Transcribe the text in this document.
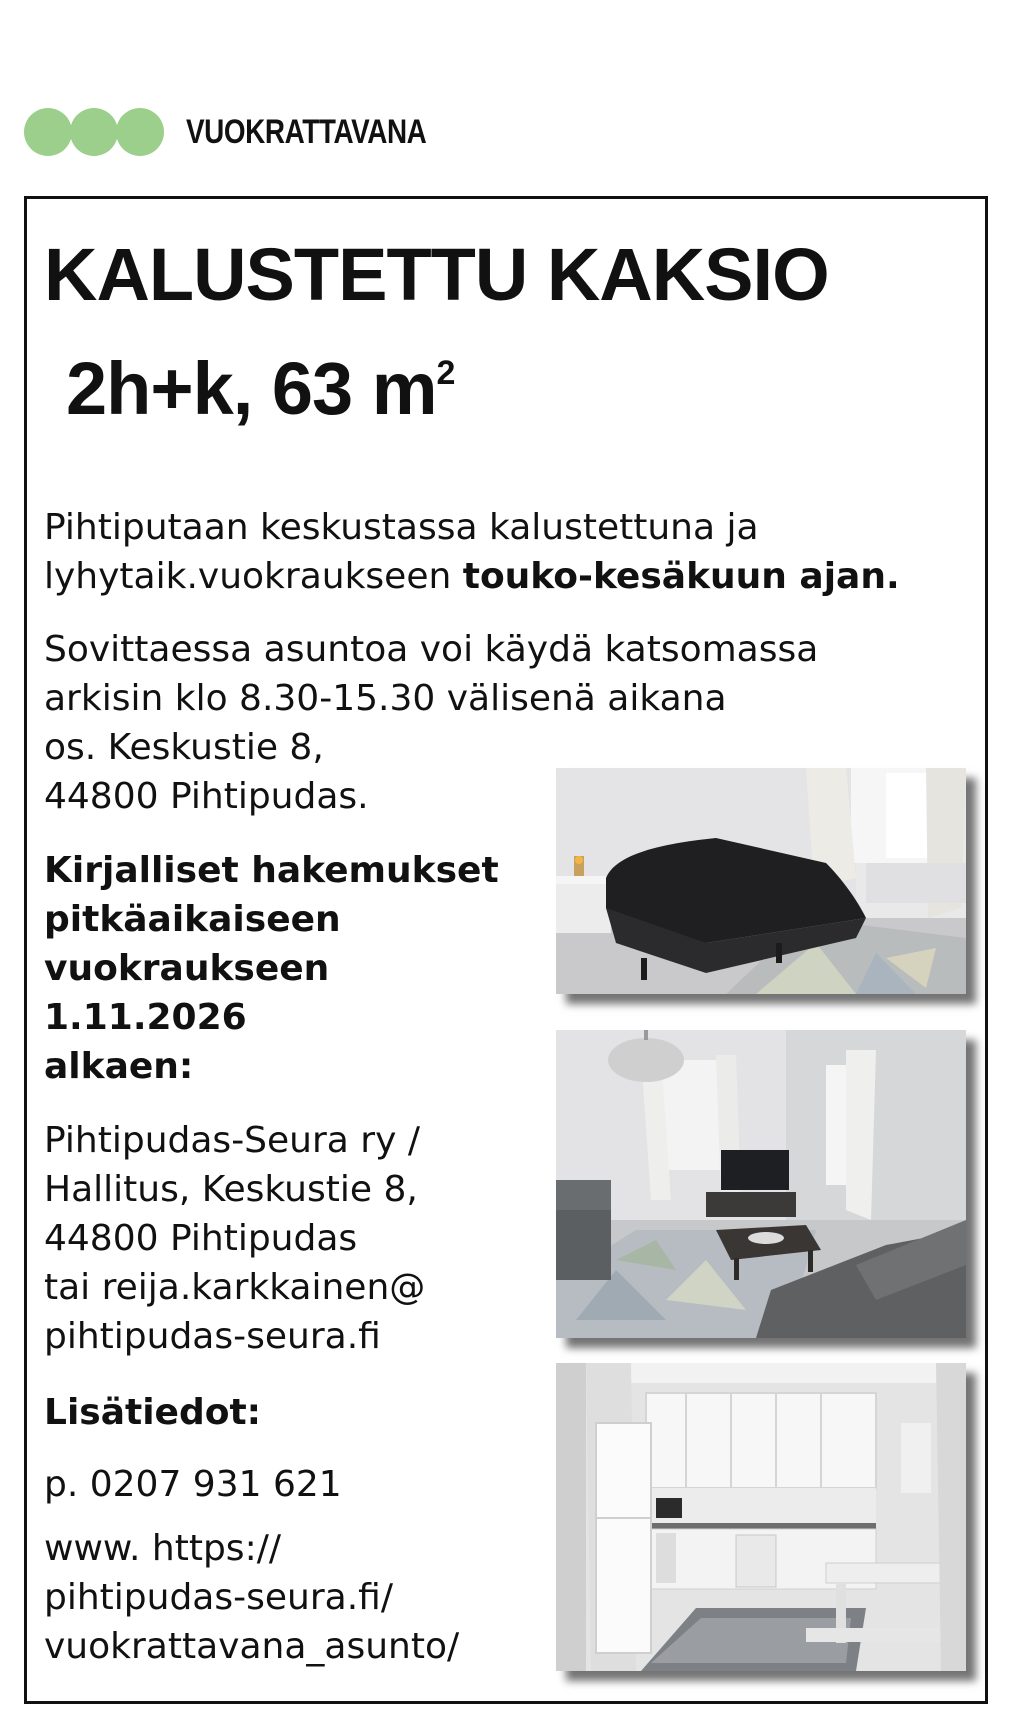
VUOKRATTAVANA
KALUSTETTU KAKSIO
2h+k, 63 $m^2$
Pihtiputaan keskustassa kalustettuna ja
lyhytaik.vuokraukseen touko-kesäkuun ajan.
Sovittaessa asuntoa voi käydä katsomassa
arkisin klo 8.30-15.30 välisenä aikana
os. Keskustie 8,
44800 Pihtipudas.
Kirjalliset hakemukset
pitkäaikaiseen
vuokraukseen
1.11.2026
alkaen:
Pihtipudas-Seura ry /
Hallitus, Keskustie 8,
44800 Pihtipudas
tai reija.karkkainen@
pihtipudas-seura.fi
Lisätiedot:
p. 0207 931 621
www. https://
pihtipudas-seura.fi/
vuokrattavana_asunto/
